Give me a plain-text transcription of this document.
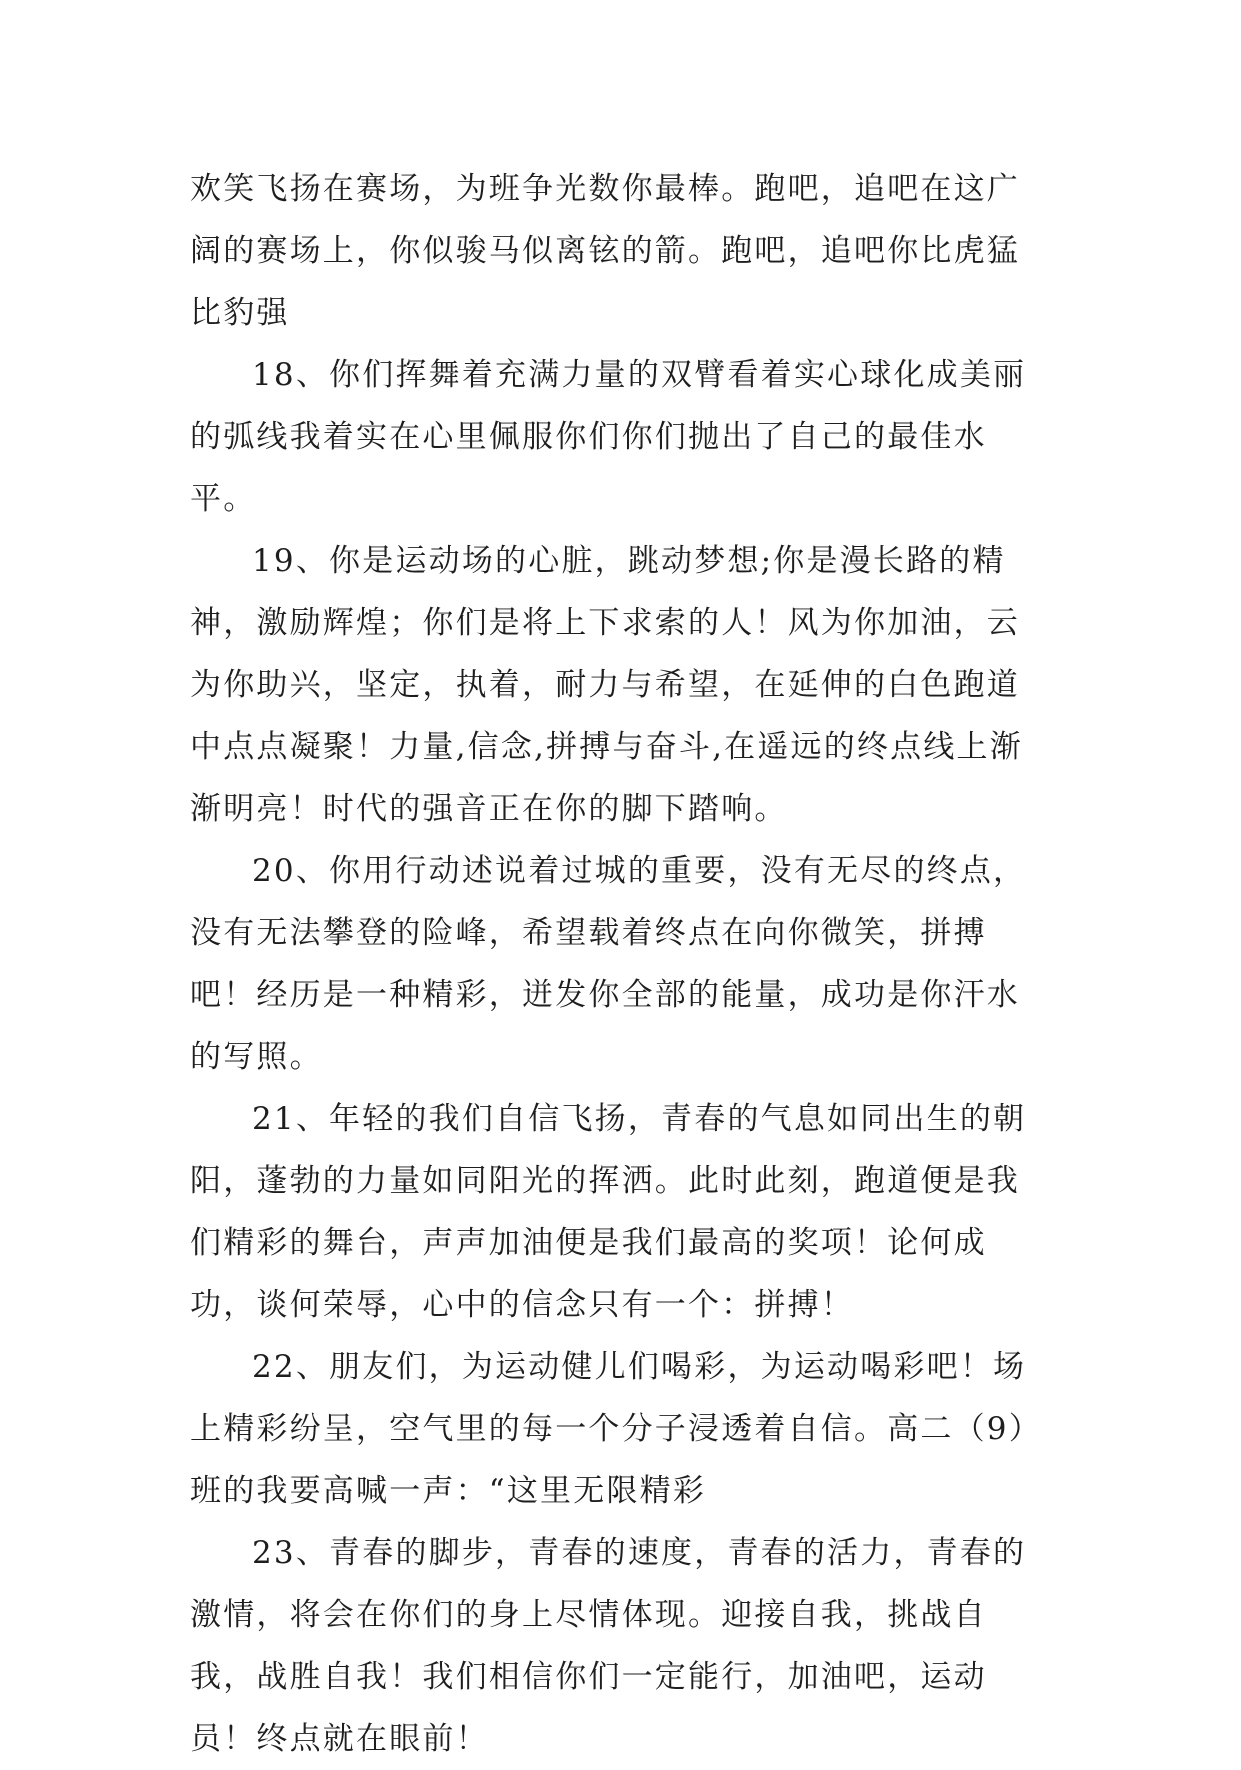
欢笑飞扬在赛场，为班争光数你最棒。跑吧，追吧在这广阔的赛场上，你似骏马似离铉的箭。跑吧，追吧你比虎猛比豹强

18、你们挥舞着充满力量的双臂看着实心球化成美丽的弧线我着实在心里佩服你们你们抛出了自己的最佳水平。

19、你是运动场的心脏，跳动梦想;你是漫长路的精神，激励辉煌；你们是将上下求索的人！风为你加油，云为你助兴，坚定，执着，耐力与希望，在延伸的白色跑道中点点凝聚！力量,信念,拼搏与奋斗,在遥远的终点线上渐渐明亮！时代的强音正在你的脚下踏响。

20、你用行动述说着过城的重要，没有无尽的终点，没有无法攀登的险峰，希望载着终点在向你微笑，拼搏吧！经历是一种精彩，迸发你全部的能量，成功是你汗水的写照。

21、年轻的我们自信飞扬，青春的气息如同出生的朝阳，蓬勃的力量如同阳光的挥洒。此时此刻，跑道便是我们精彩的舞台，声声加油便是我们最高的奖项！论何成功，谈何荣辱，心中的信念只有一个：拼搏！

22、朋友们，为运动健儿们喝彩，为运动喝彩吧！场上精彩纷呈，空气里的每一个分子浸透着自信。高二（9）班的我要高喊一声：“这里无限精彩

23、青春的脚步，青春的速度，青春的活力，青春的激情，将会在你们的身上尽情体现。迎接自我，挑战自我，战胜自我！我们相信你们一定能行，加油吧，运动员！终点就在眼前！
